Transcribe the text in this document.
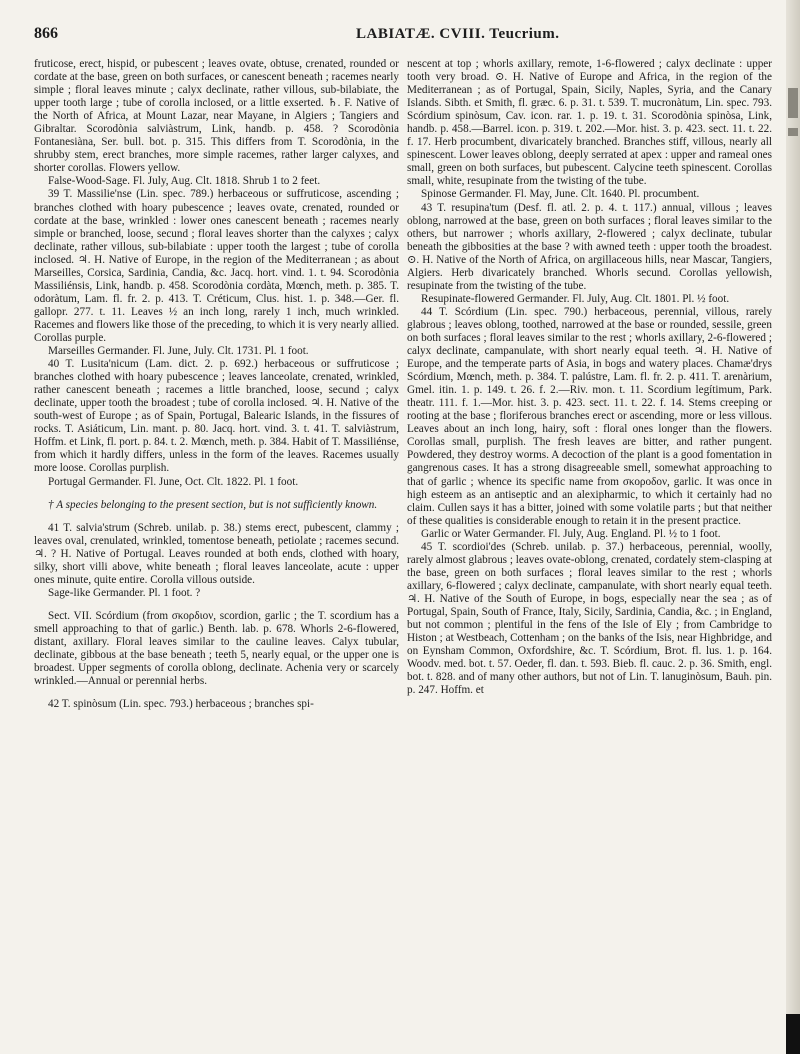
866	LABIATÆ. CVIII. Teucrium.

fruticose, erect, hispid, or pubescent ; leaves ovate, obtuse, crenated, rounded or cordate at the base, green on both surfaces, or canescent beneath ; racemes nearly simple ; floral leaves minute ; calyx declinate, rather villous, sub-bilabiate, the upper tooth large ; tube of corolla inclosed, or a little exserted. ♄. F. Native of the North of Africa, at Mount Lazar, near Mayane, in Algiers ; Tangiers and Gibraltar. Scorodònia salviàstrum, Link, handb. p. 458. ? Scorodònia Fontanesiàna, Ser. bull. bot. p. 315. This differs from T. Scorodònia, in the shrubby stem, erect branches, more simple racemes, rather larger calyxes, and shorter corollas. Flowers yellow.

False-Wood-Sage. Fl. July, Aug. Clt. 1818. Shrub 1 to 2 feet.

39 T. Massilie'nse (Lin. spec. 789.) herbaceous or suffruticose, ascending ; branches clothed with hoary pubescence ; leaves ovate, crenated, rounded or cordate at the base, wrinkled : lower ones canescent beneath ; racemes nearly simple or branched, loose, secund ; floral leaves shorter than the calyxes ; calyx declinate, rather villous, sub-bilabiate : upper tooth the largest ; tube of corolla inclosed. ♃. H. Native of Europe, in the region of the Mediterranean ; as about Marseilles, Corsica, Sardinia, Candia, &c. Jacq. hort. vind. 1. t. 94. Scorodònia Massiliénsis, Link, handb. p. 458. Scorodònia cordàta, Mœnch, meth. p. 385. T. odoràtum, Lam. fl. fr. 2. p. 413. T. Créticum, Clus. hist. 1. p. 348.—Ger. fl. gallopr. 277. t. 11. Leaves ½ an inch long, rarely 1 inch, much wrinkled. Racemes and flowers like those of the preceding, to which it is very nearly allied. Corollas purple.

Marseilles Germander. Fl. June, July. Clt. 1731. Pl. 1 foot.

40 T. Lusita'nicum (Lam. dict. 2. p. 692.) herbaceous or suffruticose ; branches clothed with hoary pubescence ; leaves lanceolate, crenated, wrinkled, rather canescent beneath ; racemes a little branched, loose, secund ; calyx declinate, upper tooth the broadest ; tube of corolla inclosed. ♃. H. Native of the south-west of Europe ; as of Spain, Portugal, Balearic Islands, in the fissures of rocks. T. Asiáticum, Lin. mant. p. 80. Jacq. hort. vind. 3. t. 41. T. salviàstrum, Hoffm. et Link, fl. port. p. 84. t. 2. Mœnch, meth. p. 384. Habit of T. Massiliénse, from which it hardly differs, unless in the form of the leaves. Racemes usually more loose. Corollas purplish.

Portugal Germander. Fl. June, Oct. Clt. 1822. Pl. 1 foot.

† A species belonging to the present section, but is not sufficiently known.

41 T. salvia'strum (Schreb. unilab. p. 38.) stems erect, pubescent, clammy ; leaves oval, crenulated, wrinkled, tomentose beneath, petiolate ; racemes secund. ♃. ? H. Native of Portugal. Leaves rounded at both ends, clothed with hoary, silky, short villi above, white beneath ; floral leaves lanceolate, acute : upper ones minute, quite entire. Corolla villous outside.

Sage-like Germander. Pl. 1 foot. ?

Sect. VII. Scórdium (from σκορδιον, scordion, garlic ; the T. scordium has a smell approaching to that of garlic.) Benth. lab. p. 678. Whorls 2-6-flowered, distant, axillary. Floral leaves similar to the cauline leaves. Calyx tubular, declinate, gibbous at the base beneath ; teeth 5, nearly equal, or the upper one is broadest. Upper segments of corolla oblong, declinate. Achenia very or scarcely wrinkled.—Annual or perennial herbs.

42 T. spinòsum (Lin. spec. 793.) herbaceous ; branches spi-

nescent at top ; whorls axillary, remote, 1-6-flowered ; calyx declinate : upper tooth very broad. ⊙. H. Native of Europe and Africa, in the region of the Mediterranean ; as of Portugal, Spain, Sicily, Naples, Syria, and the Canary Islands. Sibth. et Smith, fl. græc. 6. p. 31. t. 539. T. mucronàtum, Lin. spec. 793. Scórdium spinòsum, Cav. icon. rar. 1. p. 19. t. 31. Scorodònia spinòsa, Link, handb. p. 458.—Barrel. icon. p. 319. t. 202.—Mor. hist. 3. p. 423. sect. 11. t. 22. f. 17. Herb procumbent, divaricately branched. Branches stiff, villous, nearly all spinescent. Lower leaves oblong, deeply serrated at apex : upper and rameal ones small, green on both surfaces, but pubescent. Calycine teeth spinescent. Corollas small, white, resupinate from the twisting of the tube.

Spinose Germander. Fl. May, June. Clt. 1640. Pl. procumbent.

43 T. resupina'tum (Desf. fl. atl. 2. p. 4. t. 117.) annual, villous ; leaves oblong, narrowed at the base, green on both surfaces ; floral leaves similar to the others, but narrower ; whorls axillary, 2-flowered ; calyx declinate, tubular beneath the gibbosities at the base ? with awned teeth : upper tooth the broadest. ⊙. H. Native of the North of Africa, on argillaceous hills, near Mascar, Tangiers, Algiers. Herb divaricately branched. Whorls secund. Corollas yellowish, resupinate from the twisting of the tube.

Resupinate-flowered Germander. Fl. July, Aug. Clt. 1801. Pl. ½ foot.

44 T. Scórdium (Lin. spec. 790.) herbaceous, perennial, villous, rarely glabrous ; leaves oblong, toothed, narrowed at the base or rounded, sessile, green on both surfaces ; floral leaves similar to the rest ; whorls axillary, 2-6-flowered ; calyx declinate, campanulate, with short nearly equal teeth. ♃. H. Native of Europe, and the temperate parts of Asia, in bogs and watery places. Chamæ'drys Scórdium, Mœnch, meth. p. 384. T. palústre, Lam. fl. fr. 2. p. 411. T. arenàrium, Gmel. itin. 1. p. 149. t. 26. f. 2.—Riv. mon. t. 11. Scordium legítimum, Park. theatr. 111. f. 1.—Mor. hist. 3. p. 423. sect. 11. t. 22. f. 14. Stems creeping or rooting at the base ; floriferous branches erect or ascending, more or less villous. Leaves about an inch long, hairy, soft : floral ones longer than the flowers. Corollas small, purplish. The fresh leaves are bitter, and rather pungent. Powdered, they destroy worms. A decoction of the plant is a good fomentation in gangrenous cases. It has a strong disagreeable smell, somewhat approaching to that of garlic ; whence its specific name from σκοροδον, garlic. It was once in high esteem as an antiseptic and an alexipharmic, to which it certainly had no claim. Cullen says it has a bitter, joined with some volatile parts ; but that neither of these qualities is considerable enough to retain it in the present practice.

Garlic or Water Germander. Fl. July, Aug. England. Pl. ½ to 1 foot.

45 T. scordioi'des (Schreb. unilab. p. 37.) herbaceous, perennial, woolly, rarely almost glabrous ; leaves ovate-oblong, crenated, cordately stem-clasping at the base, green on both surfaces ; floral leaves similar to the rest ; whorls axillary, 6-flowered ; calyx declinate, campanulate, with short nearly equal teeth. ♃. H. Native of the South of Europe, in bogs, especially near the sea ; as of Portugal, Spain, South of France, Italy, Sicily, Sardinia, Candia, &c. ; in England, but not common ; plentiful in the fens of the Isle of Ely ; from Cambridge to Histon ; at Westbeach, Cottenham ; on the banks of the Isis, near Highbridge, and on Eynsham Common, Oxfordshire, &c. T. Scórdium, Brot. fl. lus. 1. p. 164. Woodv. med. bot. t. 57. Oeder, fl. dan. t. 593. Bieb. fl. cauc. 2. p. 36. Smith, engl. bot. t. 828. and of many other authors, but not of Lin. T. lanuginòsum, Bauh. pin. p. 247. Hoffm. et
